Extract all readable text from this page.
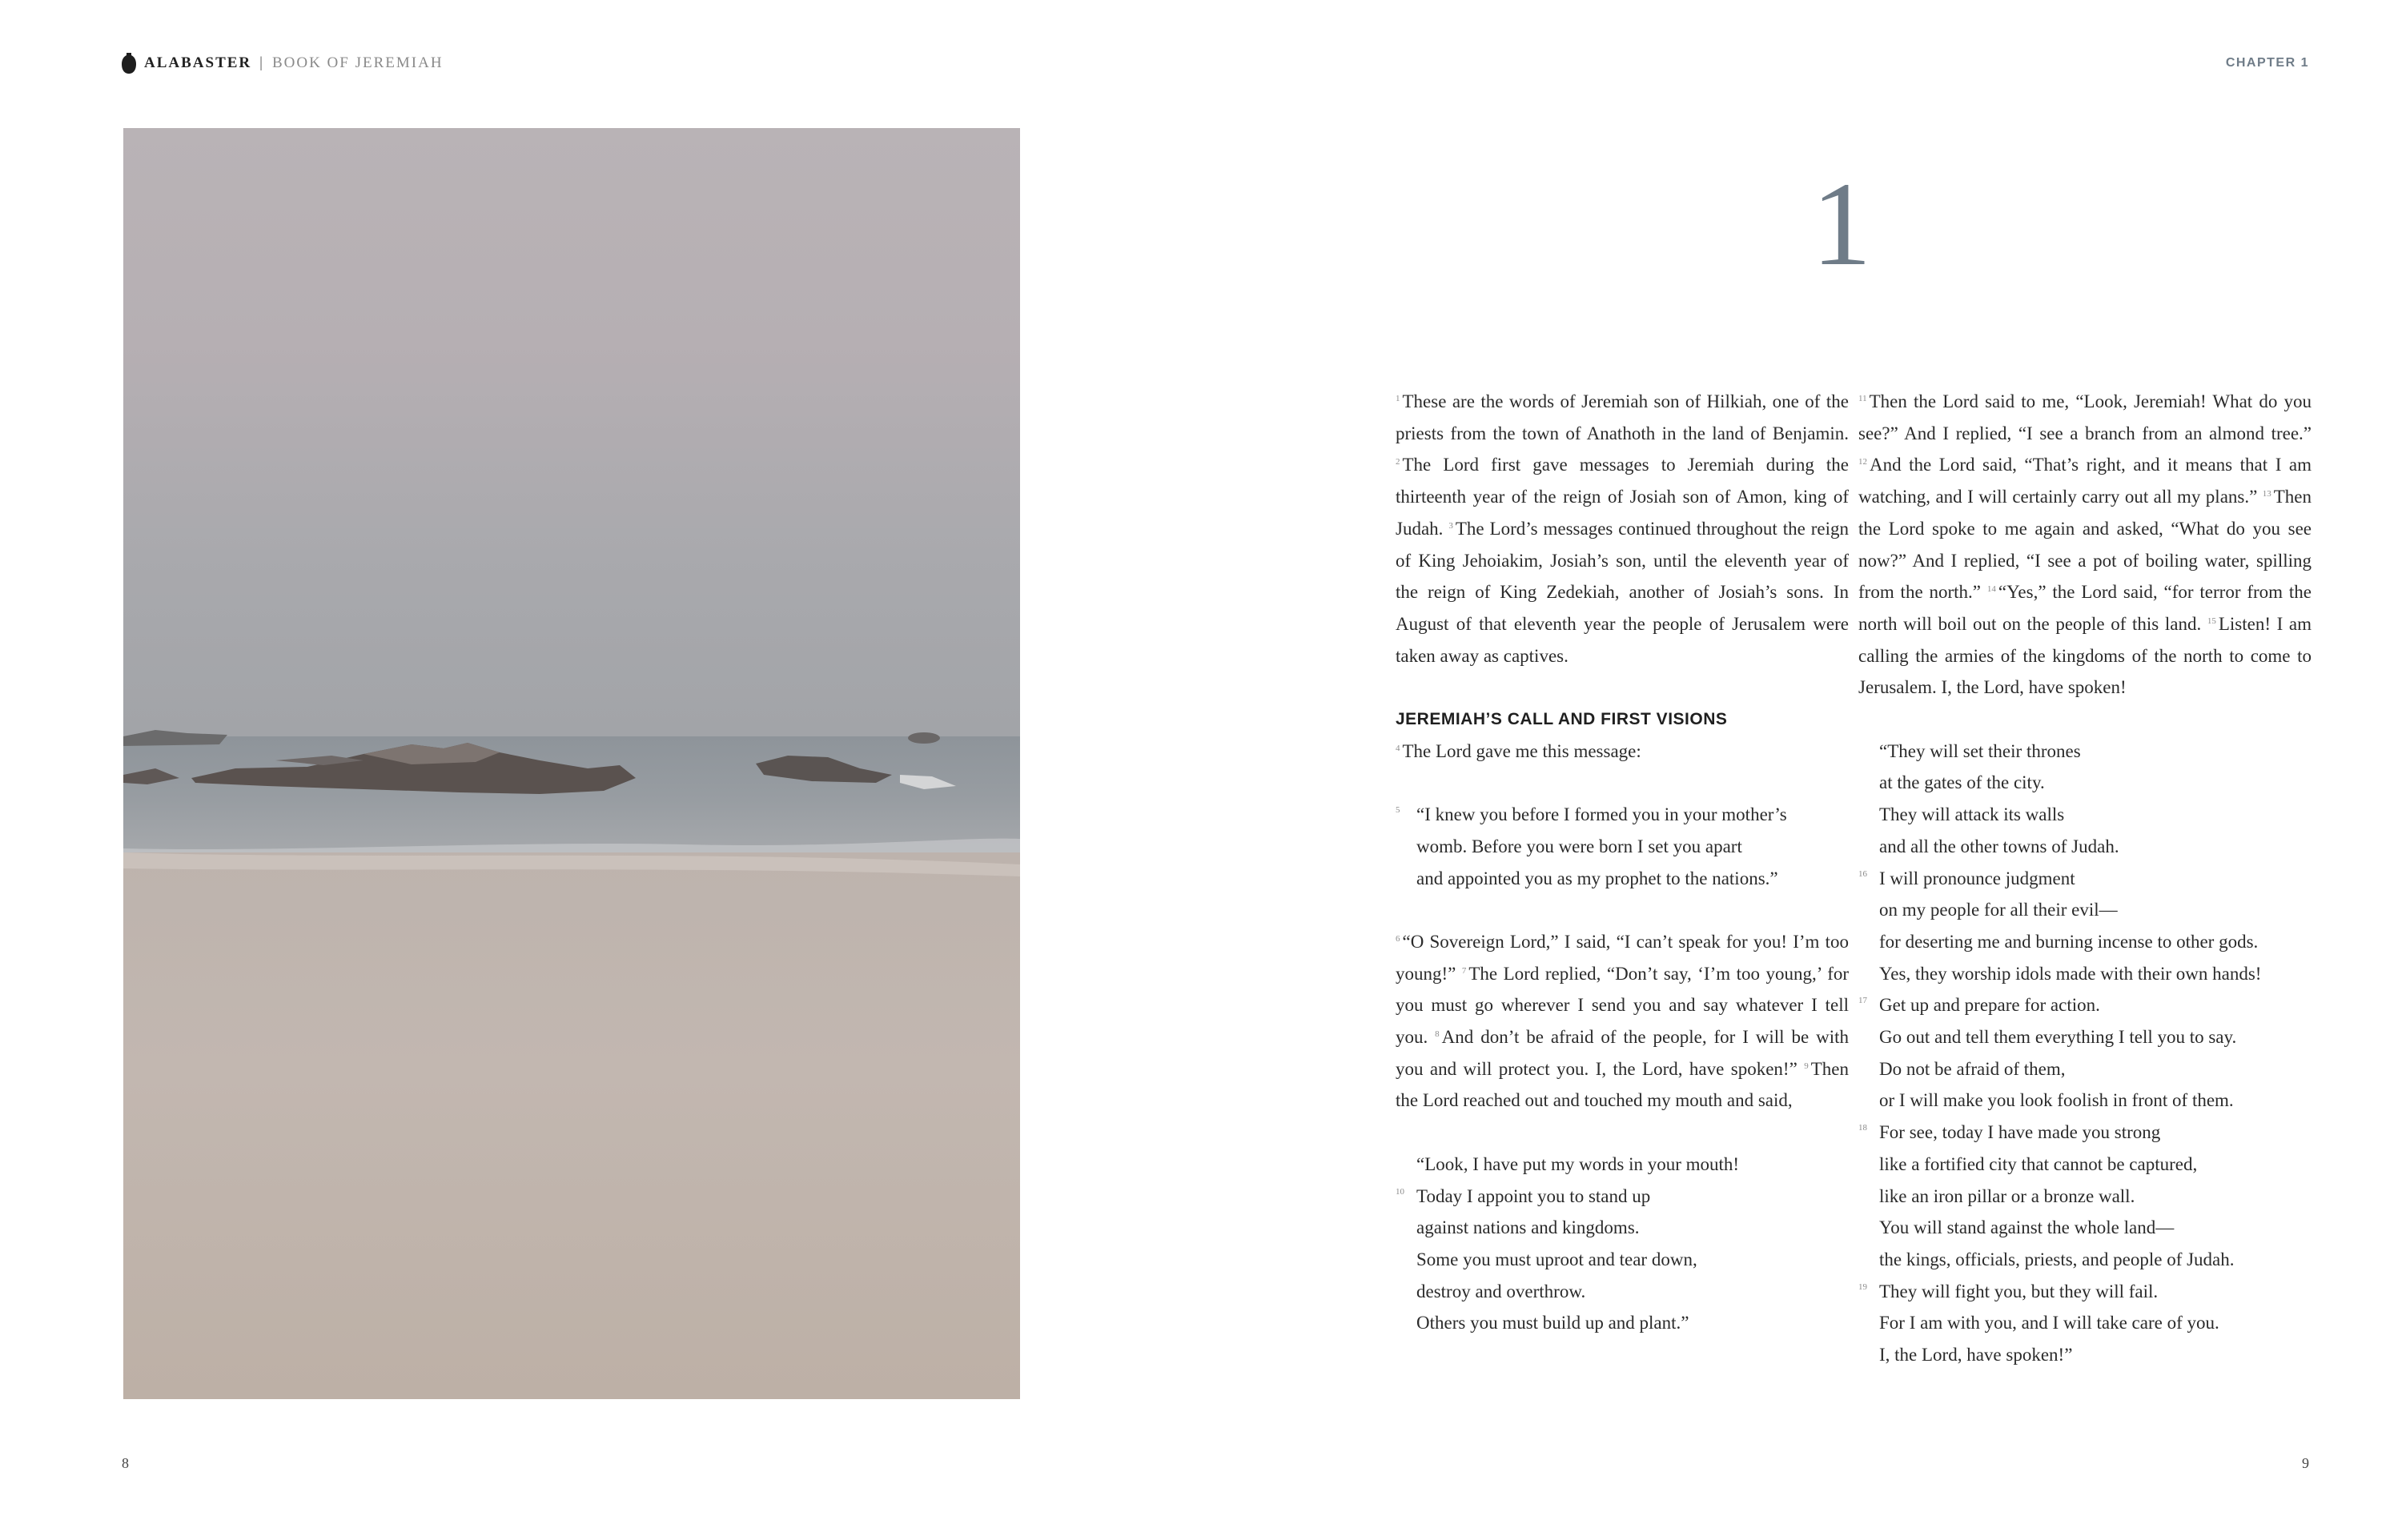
ALABASTER | BOOK OF JEREMIAH	CHAPTER 1
1

$^1$ These are the words of Jeremiah son of Hilkiah, one of the priests from the town of Anathoth in the land of Benjamin. $^2$ The Lord first gave messages to Jeremiah during the thirteenth year of the reign of Josiah son of Amon, king of Judah. $^3$ The Lord’s messages continued throughout the reign of King Jehoiakim, Josiah’s son, until the eleventh year of the reign of King Zedekiah, another of Josiah’s sons. In August of that eleventh year the people of Jerusalem were taken away as captives.

JEREMIAH’S CALL AND FIRST VISIONS

$^4$ The Lord gave me this message:

5 “I knew you before I formed you in your mother’s
womb. Before you were born I set you apart
and appointed you as my prophet to the nations.”

$^6$ “O Sovereign Lord,” I said, “I can’t speak for you! I’m too young!” $^7$ The Lord replied, “Don’t say, ‘I’m too young,’ for you must go wherever I send you and say whatever I tell you. $^8$ And don’t be afraid of the people, for I will be with you and will protect you. I, the Lord, have spoken!” $^9$ Then the Lord reached out and touched my mouth and said,

“Look, I have put my words in your mouth!
10 Today I appoint you to stand up
against nations and kingdoms.
Some you must uproot and tear down,
destroy and overthrow.
Others you must build up and plant.”

$^{11}$ Then the Lord said to me, “Look, Jeremiah! What do you see?” And I replied, “I see a branch from an almond tree.” $^{12}$ And the Lord said, “That’s right, and it means that I am watching, and I will certainly carry out all my plans.” $^{13}$ Then the Lord spoke to me again and asked, “What do you see now?” And I replied, “I see a pot of boiling water, spilling from the north.” $^{14}$ “Yes,” the Lord said, “for terror from the north will boil out on the people of this land. $^{15}$ Listen! I am calling the armies of the kingdoms of the north to come to Jerusalem. I, the Lord, have spoken!

“They will set their thrones
at the gates of the city.
They will attack its walls
and all the other towns of Judah.
16 I will pronounce judgment
on my people for all their evil—
for deserting me and burning incense to other gods.
Yes, they worship idols made with their own hands!
17 Get up and prepare for action.
Go out and tell them everything I tell you to say.
Do not be afraid of them,
or I will make you look foolish in front of them.
18 For see, today I have made you strong
like a fortified city that cannot be captured,
like an iron pillar or a bronze wall.
You will stand against the whole land—
the kings, officials, priests, and people of Judah.
19 They will fight you, but they will fail.
For I am with you, and I will take care of you.
I, the Lord, have spoken!”
8	9
